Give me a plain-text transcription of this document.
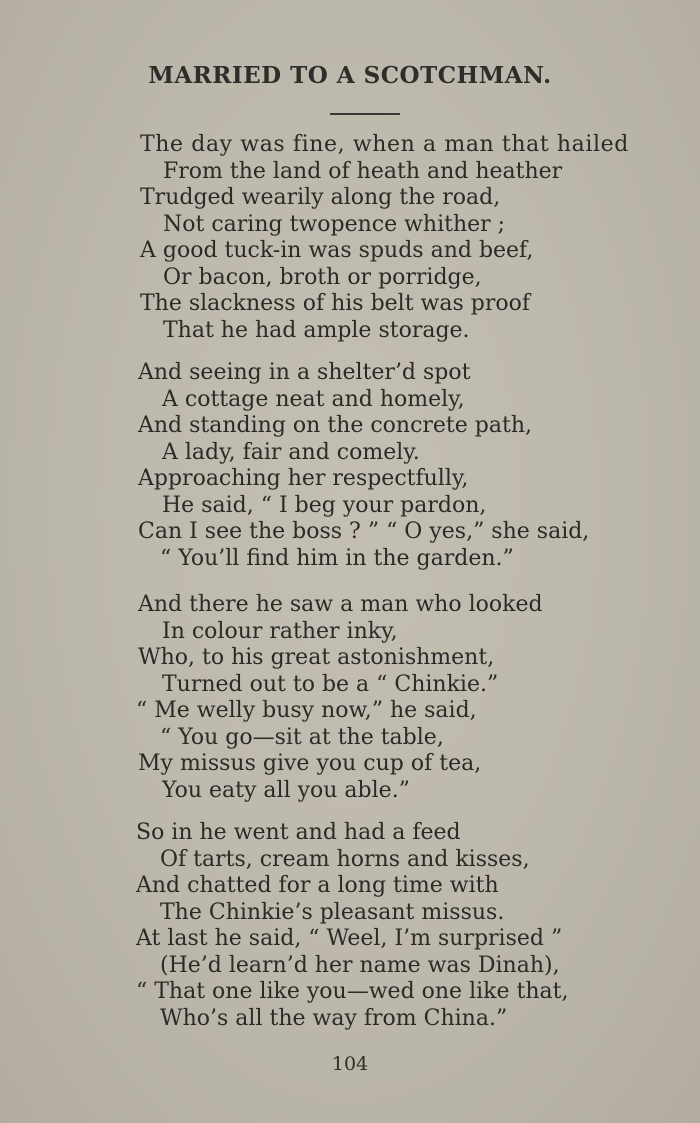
MARRIED TO A SCOTCHMAN.
The day was fine, when a man that hailed
From the land of heath and heather
Trudged wearily along the road,
Not caring twopence whither ;
A good tuck-in was spuds and beef,
Or bacon, broth or porridge,
The slackness of his belt was proof
That he had ample storage.
And seeing in a shelter’d spot
A cottage neat and homely,
And standing on the concrete path,
A lady, fair and comely.
Approaching her respectfully,
He said, “ I beg your pardon,
Can I see the boss ? ” “ O yes,” she said,
“ You’ll find him in the garden.”
And there he saw a man who looked
In colour rather inky,
Who, to his great astonishment,
Turned out to be a “ Chinkie.”
“ Me welly busy now,” he said,
“ You go—sit at the table,
My missus give you cup of tea,
You eaty all you able.”
So in he went and had a feed
Of tarts, cream horns and kisses,
And chatted for a long time with
The Chinkie’s pleasant missus.
At last he said, “ Weel, I’m surprised ”
(He’d learn’d her name was Dinah),
“ That one like you—wed one like that,
Who’s all the way from China.”
104
